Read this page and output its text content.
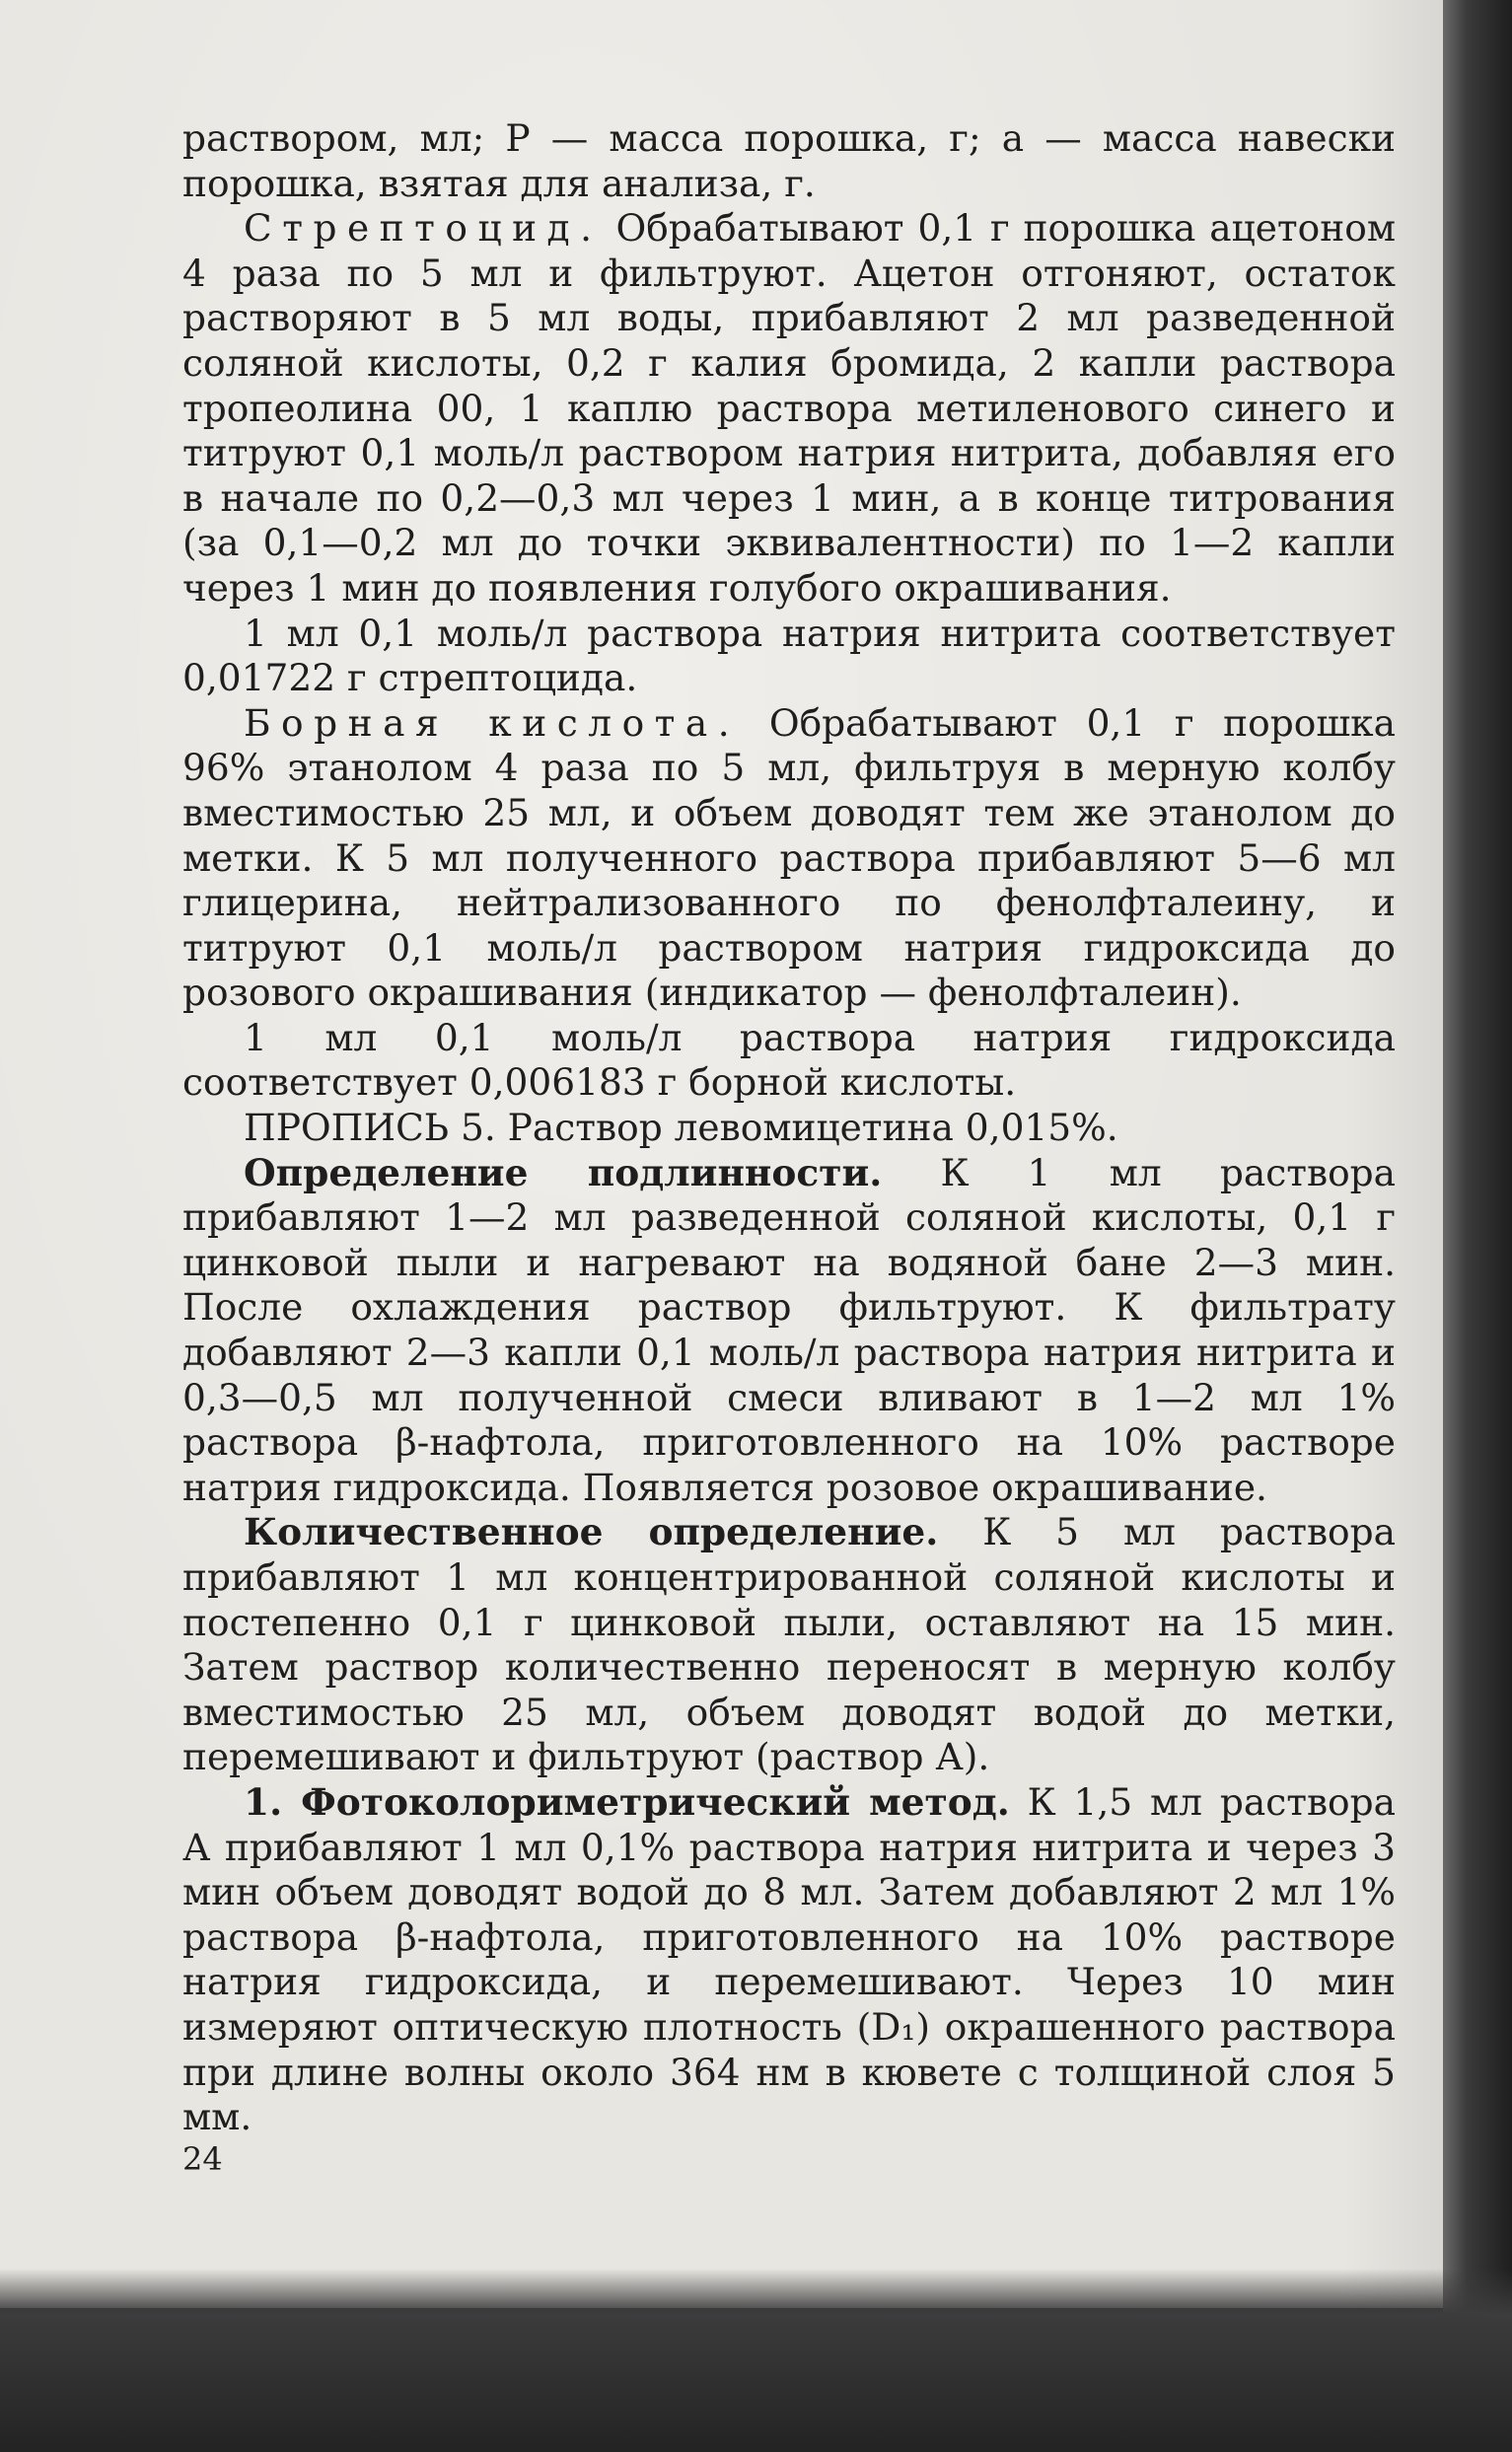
раствором, мл; Р — масса порошка, г; а — масса навески порошка, взятая для анализа, г.

Стрептоцид. Обрабатывают 0,1 г порошка ацетоном 4 раза по 5 мл и фильтруют. Ацетон отгоняют, остаток растворяют в 5 мл воды, прибавляют 2 мл разведенной соляной кислоты, 0,2 г калия бромида, 2 капли раствора тропеолина 00, 1 каплю раствора метиленового синего и титруют 0,1 моль/л раствором натрия нитрита, добавляя его в начале по 0,2—0,3 мл через 1 мин, а в конце титрования (за 0,1—0,2 мл до точки эквивалентности) по 1—2 капли через 1 мин до появления голубого окрашивания.

1 мл 0,1 моль/л раствора натрия нитрита соответствует 0,01722 г стрептоцида.

Борная кислота. Обрабатывают 0,1 г порошка 96% этанолом 4 раза по 5 мл, фильтруя в мерную колбу вместимостью 25 мл, и объем доводят тем же этанолом до метки. К 5 мл полученного раствора прибавляют 5—6 мл глицерина, нейтрализованного по фенолфталеину, и титруют 0,1 моль/л раствором натрия гидроксида до розового окрашивания (индикатор — фенолфталеин).

1 мл 0,1 моль/л раствора натрия гидроксида соответствует 0,006183 г борной кислоты.

ПРОПИСЬ 5. Раствор левомицетина 0,015%.

Определение подлинности. К 1 мл раствора прибавляют 1—2 мл разведенной соляной кислоты, 0,1 г цинковой пыли и нагревают на водяной бане 2—3 мин. После охлаждения раствор фильтруют. К фильтрату добавляют 2—3 капли 0,1 моль/л раствора натрия нитрита и 0,3—0,5 мл полученной смеси вливают в 1—2 мл 1% раствора β-нафтола, приготовленного на 10% растворе натрия гидроксида. Появляется розовое окрашивание.

Количественное определение. К 5 мл раствора прибавляют 1 мл концентрированной соляной кислоты и постепенно 0,1 г цинковой пыли, оставляют на 15 мин. Затем раствор количественно переносят в мерную колбу вместимостью 25 мл, объем доводят водой до метки, перемешивают и фильтруют (раствор А).

1. Фотоколориметрический метод. К 1,5 мл раствора А прибавляют 1 мл 0,1% раствора натрия нитрита и через 3 мин объем доводят водой до 8 мл. Затем добавляют 2 мл 1% раствора β-нафтола, приготовленного на 10% растворе натрия гидроксида, и перемешивают. Через 10 мин измеряют оптическую плотность (D₁) окрашенного раствора при длине волны около 364 нм в кювете с толщиной слоя 5 мм.

24
